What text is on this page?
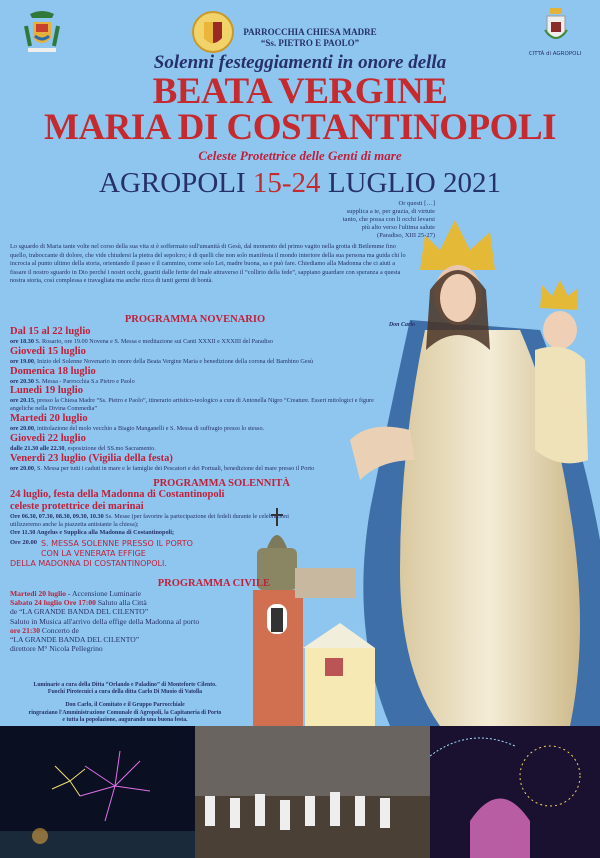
PARROCCHIA CHIESA MADRE
“Ss. PIETRO E PAOLO”
CITTÀ di AGROPOLI
Solenni festeggiamenti in onore della
BEATA VERGINE
MARIA DI COSTANTINOPOLI
Celeste Protettrice delle Genti di mare
AGROPOLI 15-24 LUGLIO 2021
Or questi […]
supplica a te, per grazia, di virtute
tanto, che possa con li occhi levarsi
più alto verso l'ultima salute
(Paradiso, XIII 25-27)
Lo sguardo di Maria tante volte nel corso della sua vita si è soffermato sull'umanità di Gesù, dal momento del primo vagito nella grotta di Betlemme fino quello, traboccante di dolore, che vide chiudersi la pietra del sepolcro; è di quelli che non solo manifesta il mondo interiore della sua persona ma guida chi lo incrocia al punto ultimo della storia, orientando il passo e il cammino, come solo Lei, madre buona, sa e può fare. Chiediamo alla Madonna che ci aiuti a fissare il nostro sguardo in Dio perché i nostri occhi, guariti dalle ferite del male attraverso il “collirio della fede”, sappiano guardare con speranza a questa nostra storia, così complessa e travagliata ma anche ricca di tanti germi di bontà.
Don Carlo
PROGRAMMA NOVENARIO
Dal 15 al 22 luglio
ore 18.30 S. Rosario, ore 19.00 Novena e S. Messa e meditazione sui Canti XXXII e XXXIII del Paradiso
Giovedi 15 luglio
ore 19.00, Inizio del Solenne Novenario in onore della Beata Vergine Maria e benedizione della corona del Bambino Gesù
Domenica 18 luglio
ore 20.30 S. Messa - Parrocchia S.s Pietro e Paolo
Lunedi 19 luglio
ore 20.15, presso la Chiesa Madre “Ss. Pietro e Paolo”, itinerario artistico-teologico a cura di Antonella Nigro “Creature. Esseri mitologici e figure angeliche nella Divina Commedia”
Martedi 20 luglio
ore 20.00, intitolazione del molo vecchio a Biagio Manganelli e S. Messa di suffragio presso lo stesso.
Giovedi 22 luglio
dalle 21.30 alle 22.30, esposizione del SS.mo Sacramento.
Venerdi 23 luglio (Vigilia della festa)
ore 20.00, S. Messa per tutti i caduti in mare e le famiglie dei Pescatori e dei Portuali, benedizione del mare presso il Porto
PROGRAMMA SOLENNITÀ
24 luglio, festa della Madonna di Costantinopoli
celeste protettrice dei marinai
Ore 06.30, 07.30, 08.30, 09.30, 10.30 Ss. Messe (per favorire la partecipazione dei fedeli durante le celebrazioni utilizzeremo anche la piazzetta antistante la chiesa);
Ore 11.30 Angelus e Supplica alla Madonna di Costantinopoli;
Ore 20.00 S. MESSA SOLENNE PRESSO IL PORTO
CON LA VENERATA EFFIGE
DELLA MADONNA DI COSTANTINOPOLI.
PROGRAMMA CIVILE
Martedi 20 luglio - Accensione Luminarie
Sabato 24 luglio Ore 17:00 Saluto alla Città
de “LA GRANDE BANDA DEL CILENTO”
Saluto in Musica all'arrivo della effige della Madonna al porto
ore 21:30 Concerto de
“LA GRANDE BANDA DEL CILENTO”
direttore M° Nicola Pellegrino
Luminarie a cura della Ditta “Orlando e Paladino” di Monteforte Cilento.
Fuochi Pirotecnici a cura della ditta Carlo Di Muoio di Vatolla
Don Carlo, il Comitato e il Gruppo Parrocchiale
ringraziano l'Amministrazione Comunale di Agropoli, la Capitaneria di Porto
e tutta la popolazione, augurando una buona festa.
